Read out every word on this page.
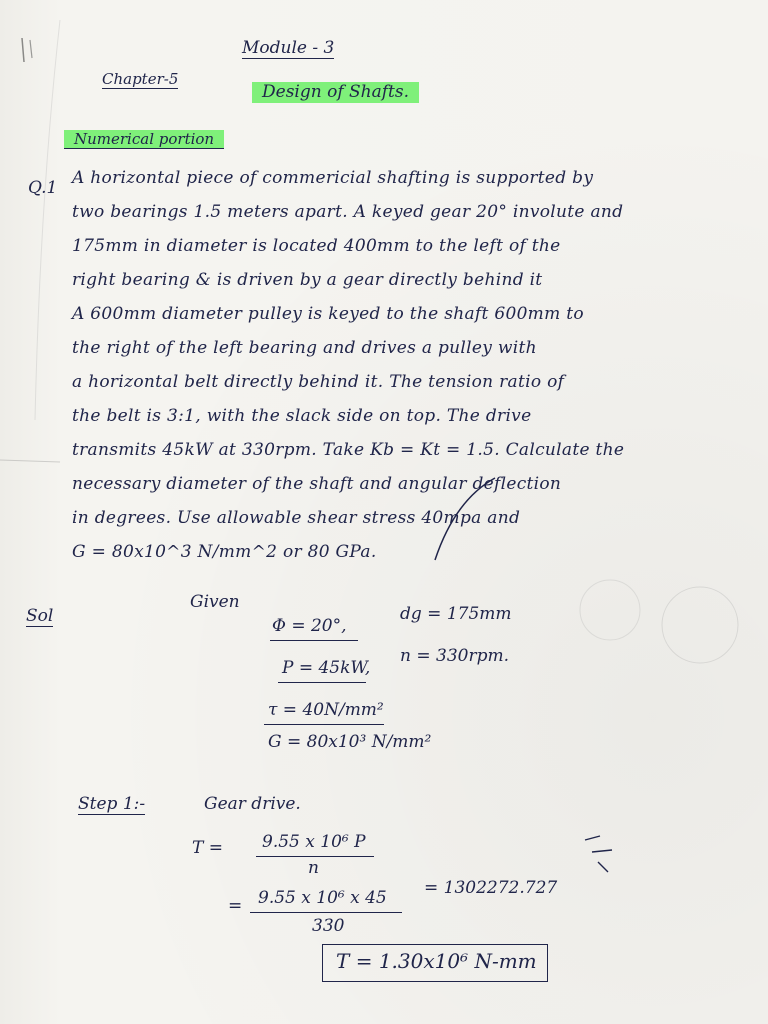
Module - 3
Chapter-5
Design of Shafts.
Numerical portion
Q.1 A horizontal piece of commericial shafting is supported by
two bearings 1.5 meters apart. A keyed gear 20° involute and
175mm in diameter is located 400mm to the left of the
right bearing & is driven by a gear directly behind it
A 600mm diameter pulley is keyed to the shaft 600mm to
the right of the left bearing and drives a pulley with
a horizontal belt directly behind it. The tension ratio of
the belt is 3:1, with the slack side on top. The drive
transmits 45kW at 330rpm. Take Kb = Kt = 1.5. Calculate the
necessary diameter of the shaft and angular deflection
in degrees. Use allowable shear stress 40mpa and
G = 80x10^3 N/mm^2 or 80 GPa.
Sol
Given
Φ = 20°,
dg = 175mm
P = 45kW,
n = 330rpm.
τ = 40N/mm²
G = 80x10³ N/mm²
Step 1:-	Gear drive.
T = 9.55 x 10⁶ P
n
= 9.55 x 10⁶ x 45
330
= 1302272.727
T = 1.30x10⁶ N-mm
